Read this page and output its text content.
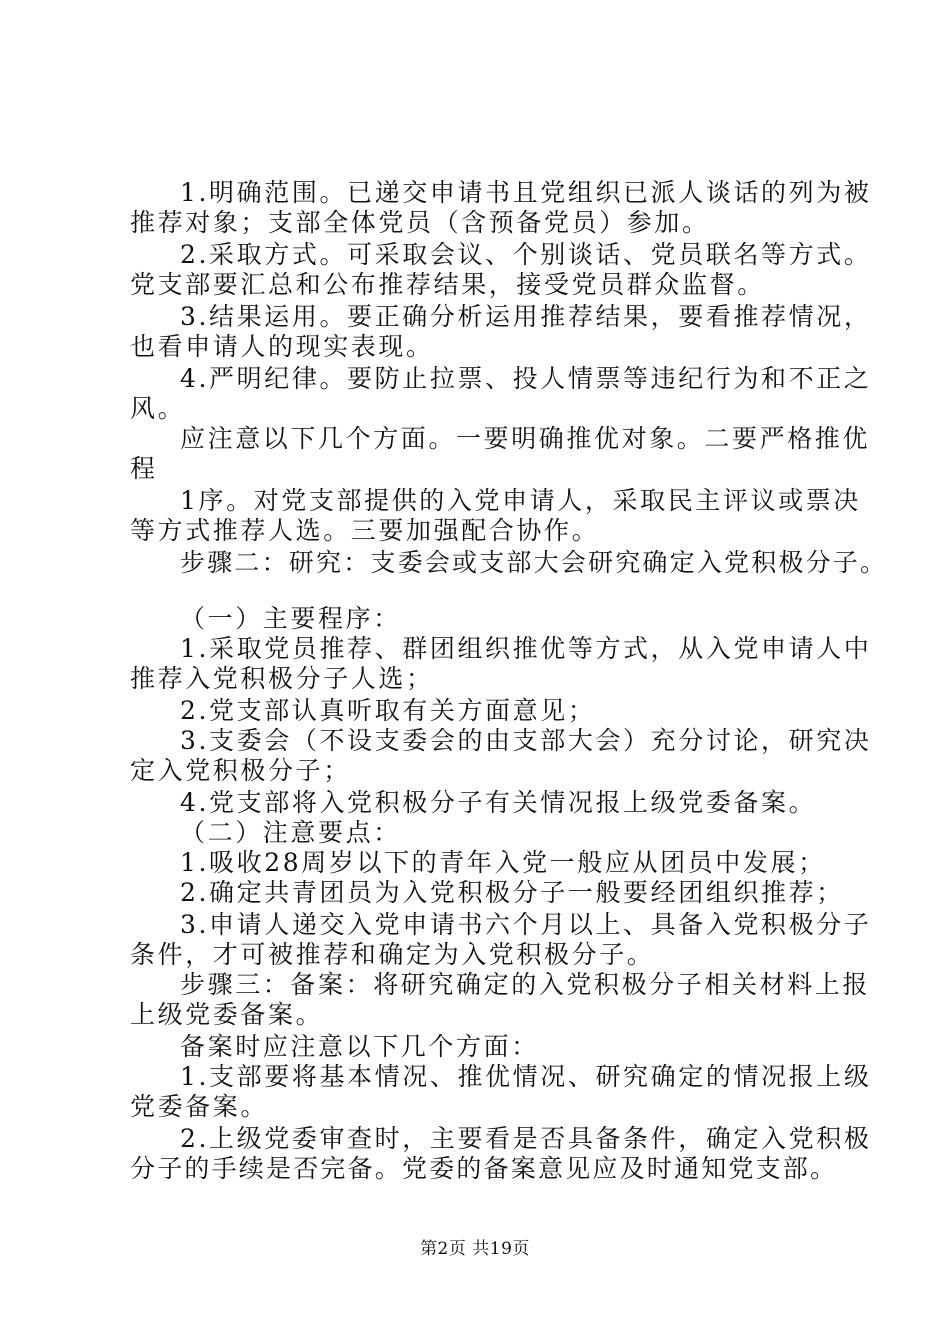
1.明确范围。已递交申请书且党组织已派人谈话的列为被
推荐对象；支部全体党员（含预备党员）参加。
2.采取方式。可采取会议、个别谈话、党员联名等方式。
党支部要汇总和公布推荐结果，接受党员群众监督。
3.结果运用。要正确分析运用推荐结果，要看推荐情况，
也看申请人的现实表现。
4.严明纪律。要防止拉票、投人情票等违纪行为和不正之
风。
应注意以下几个方面。一要明确推优对象。二要严格推优
程
1序。对党支部提供的入党申请人，采取民主评议或票决
等方式推荐人选。三要加强配合协作。
步骤二：研究：支委会或支部大会研究确定入党积极分子。
（一）主要程序：
1.采取党员推荐、群团组织推优等方式，从入党申请人中
推荐入党积极分子人选；
2.党支部认真听取有关方面意见；
3.支委会（不设支委会的由支部大会）充分讨论，研究决
定入党积极分子；
4.党支部将入党积极分子有关情况报上级党委备案。
（二）注意要点：
1.吸收28周岁以下的青年入党一般应从团员中发展；
2.确定共青团员为入党积极分子一般要经团组织推荐；
3.申请人递交入党申请书六个月以上、具备入党积极分子
条件，才可被推荐和确定为入党积极分子。
步骤三：备案：将研究确定的入党积极分子相关材料上报
上级党委备案。
备案时应注意以下几个方面：
1.支部要将基本情况、推优情况、研究确定的情况报上级
党委备案。
2.上级党委审查时，主要看是否具备条件，确定入党积极
分子的手续是否完备。党委的备案意见应及时通知党支部。
第2页 共19页
